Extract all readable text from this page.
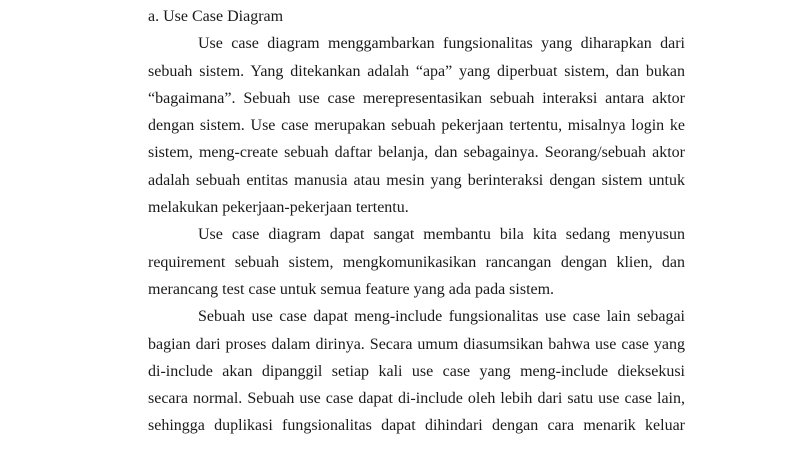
a. Use Case Diagram
Use case diagram menggambarkan fungsionalitas yang diharapkan dari
sebuah sistem. Yang ditekankan adalah “apa” yang diperbuat sistem, dan bukan
“bagaimana”. Sebuah use case merepresentasikan sebuah interaksi antara aktor
dengan sistem. Use case merupakan sebuah pekerjaan tertentu, misalnya login ke
sistem, meng-create sebuah daftar belanja, dan sebagainya. Seorang/sebuah aktor
adalah sebuah entitas manusia atau mesin yang berinteraksi dengan sistem untuk
melakukan pekerjaan-pekerjaan tertentu.
Use case diagram dapat sangat membantu bila kita sedang menyusun
requirement sebuah sistem, mengkomunikasikan rancangan dengan klien, dan
merancang test case untuk semua feature yang ada pada sistem.
Sebuah use case dapat meng-include fungsionalitas use case lain sebagai
bagian dari proses dalam dirinya. Secara umum diasumsikan bahwa use case yang
di-include akan dipanggil setiap kali use case yang meng-include dieksekusi
secara normal. Sebuah use case dapat di-include oleh lebih dari satu use case lain,
sehingga duplikasi fungsionalitas dapat dihindari dengan cara menarik keluar
